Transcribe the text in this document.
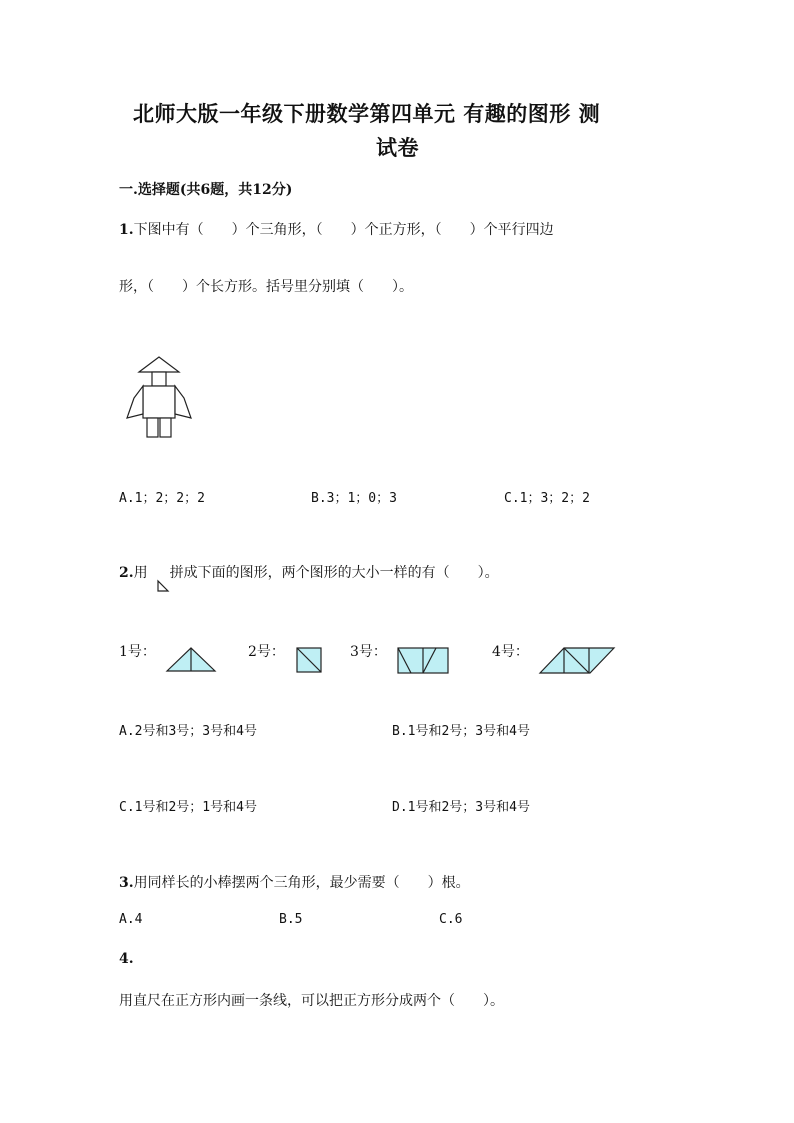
北师大版一年级下册数学第四单元 有趣的图形 测
试卷
一.选择题(共6题，共12分)
1.下图中有（　　）个三角形，（　　）个正方形，（　　）个平行四边
形，（　　）个长方形。括号里分别填（　　）。
A.1；2；2；2	B.3；1；0；3	C.1；3；2；2
2.用 拼成下面的图形，两个图形的大小一样的有（　　）。
1号：	2号：	3号：	4号：
A.2号和3号；3号和4号	B.1号和2号；3号和4号
C.1号和2号；1号和4号	D.1号和2号；3号和4号
3.用同样长的小棒摆两个三角形，最少需要（　　）根。
A.4	B.5	C.6
4.
用直尺在正方形内画一条线，可以把正方形分成两个（　　）。
